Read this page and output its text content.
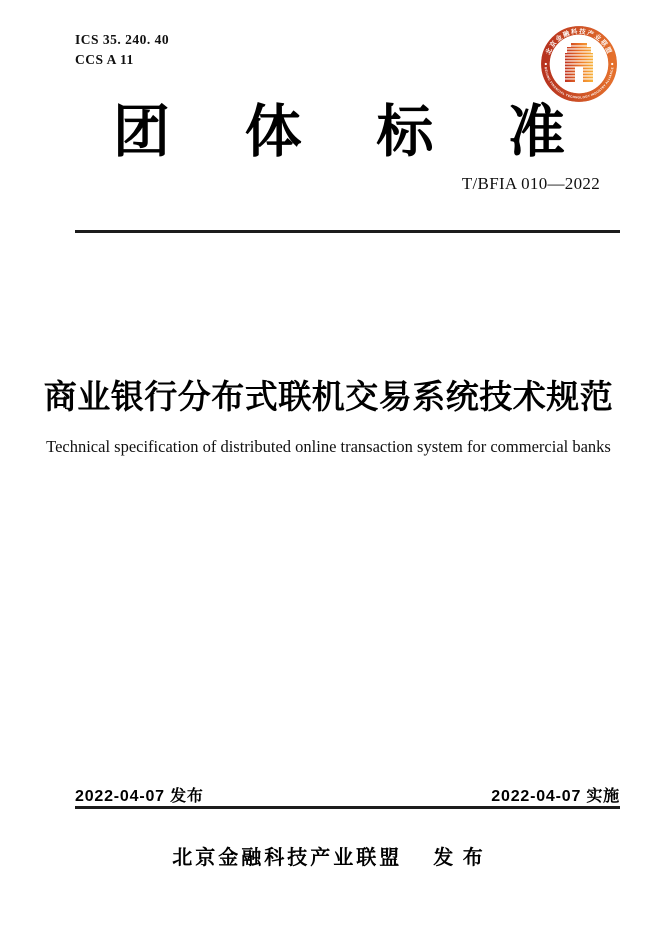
ICS 35. 240. 40
CCS A 11
北京金融科技产业联盟
BEIJING FINANCIAL TECHNOLOGY INDUSTRY ALLIANCE
团 体 标 准
T/BFIA 010—2022
商业银行分布式联机交易系统技术规范
Technical specification of distributed online transaction system for commercial banks
2022-04-07 发布	2022-04-07 实施
北京金融科技产业联盟 发 布
